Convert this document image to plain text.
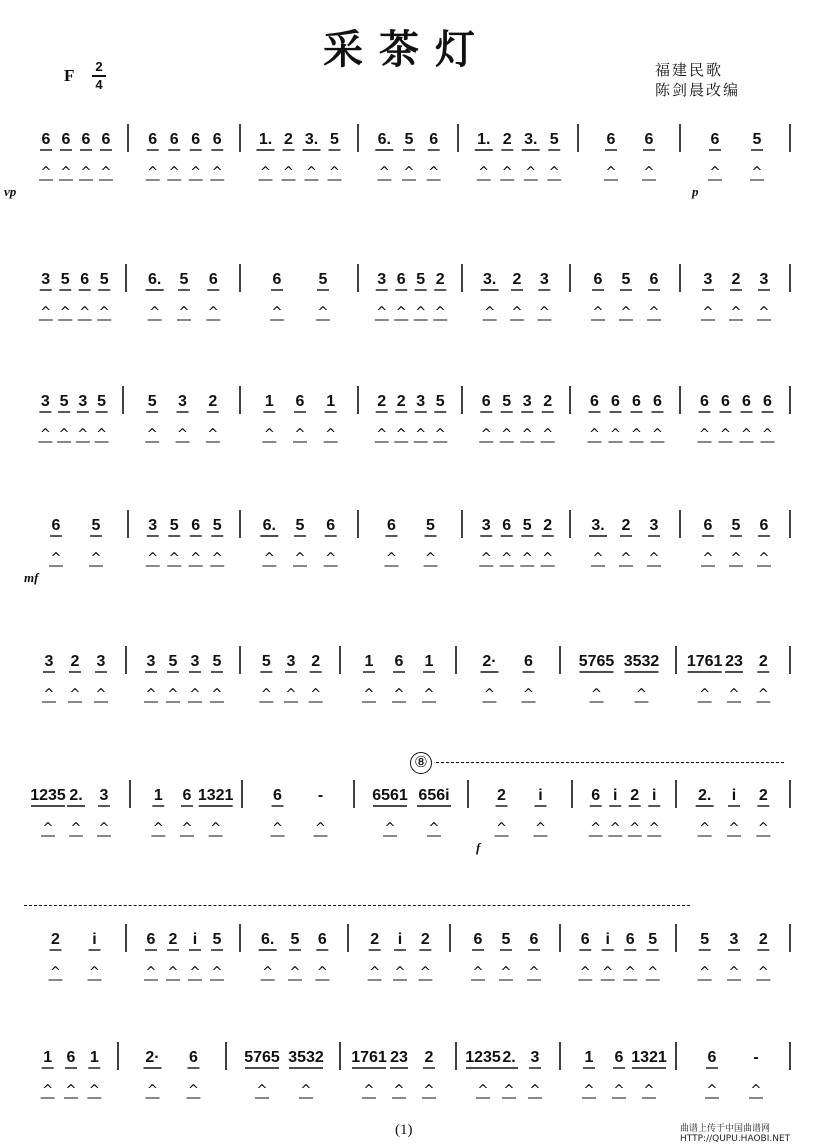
采茶灯	福建民歌
陈剑晨改编
F 2
4
⑧
6
^
6
^
6
^
6
^
6
^
6
^
6
^
6
^
1.
^
2
^
3.
^
5
^
6.
^
5
^
6
^
1.
^
2
^
3.
^
5
^
6
^
6
^
6
^
5
^
3
^
5
^
6
^
5
^
6.
^
5
^
6
^
6
^
5
^
3
^
6
^
5
^
2
^
3.
^
2
^
3
^
6
^
5
^
6
^
3
^
2
^
3
^
3
^
5
^
3
^
5
^
5
^
3
^
2
^
1
^
6
^
1
^
2
^
2
^
3
^
5
^
6
^
5
^
3
^
2
^
6
^
6
^
6
^
6
^
6
^
6
^
6
^
6
^
6
^
5
^
3
^
5
^
6
^
5
^
6.
^
5
^
6
^
6
^
5
^
3
^
6
^
5
^
2
^
3.
^
2
^
3
^
6
^
5
^
6
^
3
^
2
^
3
^
3
^
5
^
3
^
5
^
5
^
3
^
2
^
1
^
6
^
1
^
2·
^
6
^
5765
^
3532
^
1761
^
23
^
2
^
1235
^
2.
^
3
^
1
^
6
^
1321
^
6
^
-
^
6561
^
656i
^
2
^
i
^
6
^
i
^
2
^
i
^
2.
^
i
^
2
^
2
^
i
^
6
^
2
^
i
^
5
^
6.
^
5
^
6
^
2
^
i
^
2
^
6
^
5
^
6
^
6
^
i
^
6
^
5
^
5
^
3
^
2
^
1
^
6
^
1
^
2·
^
6
^
5765
^
3532
^
1761
^
23
^
2
^
1235
^
2.
^
3
^
1
^
6
^
1321
^
6
^
-
^
(1)	曲谱上传于中国曲谱网
HTTP://QUPU.HAOBI.NET
vp	p
mf
f
